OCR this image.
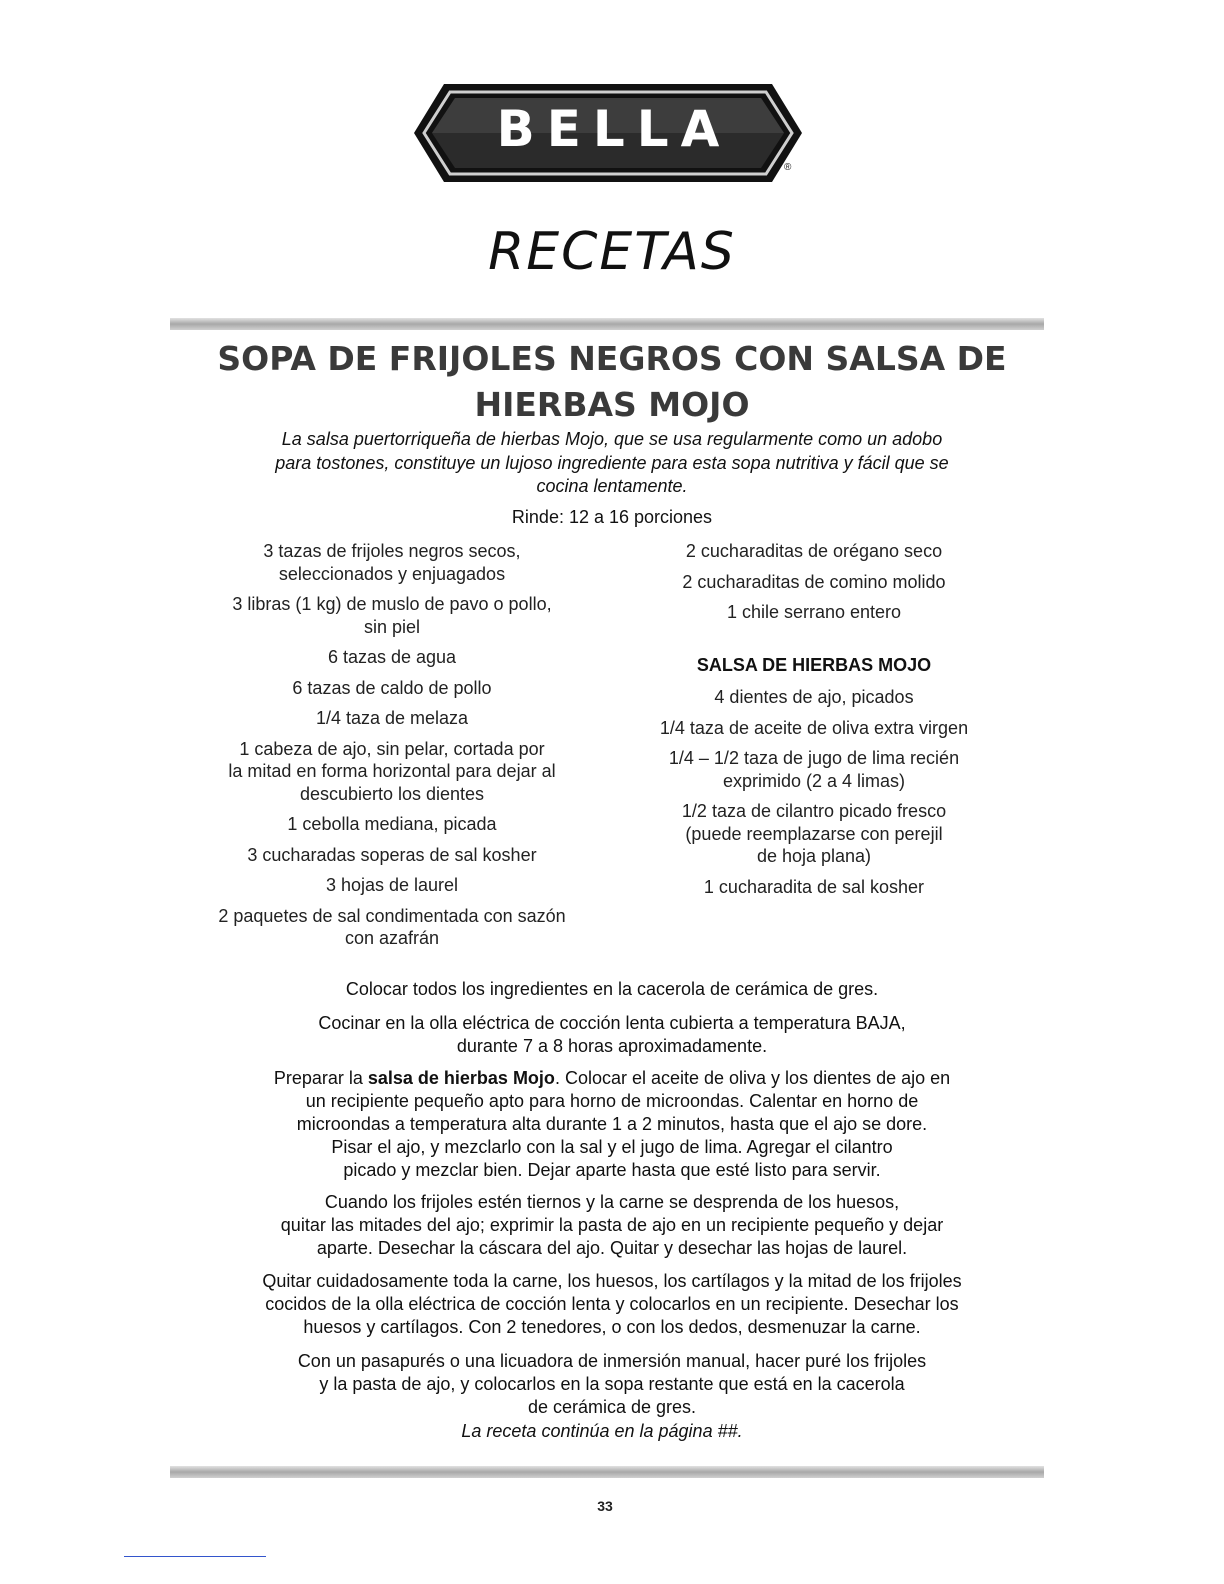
BELLA
®
RECETAS
SOPA DE FRIJOLES NEGROS CON SALSA DE
HIERBAS MOJO
La salsa puertorriqueña de hierbas Mojo, que se usa regularmente como un adobo
para tostones, constituye un lujoso ingrediente para esta sopa nutritiva y fácil que se
cocina lentamente.
Rinde: 12 a 16 porciones
3 tazas de frijoles negros secos,
seleccionados y enjuagados
3 libras (1 kg) de muslo de pavo o pollo,
sin piel
6 tazas de agua
6 tazas de caldo de pollo
1/4 taza de melaza
1 cabeza de ajo, sin pelar, cortada por
la mitad en forma horizontal para dejar al
descubierto los dientes
1 cebolla mediana, picada
3 cucharadas soperas de sal kosher
3 hojas de laurel
2 paquetes de sal condimentada con sazón
con azafrán
2 cucharaditas de orégano seco
2 cucharaditas de comino molido
1 chile serrano entero
SALSA DE HIERBAS MOJO
4 dientes de ajo, picados
1/4 taza de aceite de oliva extra virgen
1/4 – 1/2 taza de jugo de lima recién
exprimido (2 a 4 limas)
1/2 taza de cilantro picado fresco
(puede reemplazarse con perejil
de hoja plana)
1 cucharadita de sal kosher
Colocar todos los ingredientes en la cacerola de cerámica de gres.
Cocinar en la olla eléctrica de cocción lenta cubierta a temperatura BAJA,
durante 7 a 8 horas aproximadamente.
Preparar la salsa de hierbas Mojo. Colocar el aceite de oliva y los dientes de ajo en
un recipiente pequeño apto para horno de microondas. Calentar en horno de
microondas a temperatura alta durante 1 a 2 minutos, hasta que el ajo se dore.
Pisar el ajo, y mezclarlo con la sal y el jugo de lima. Agregar el cilantro
picado y mezclar bien. Dejar aparte hasta que esté listo para servir.
Cuando los frijoles estén tiernos y la carne se desprenda de los huesos,
quitar las mitades del ajo; exprimir la pasta de ajo en un recipiente pequeño y dejar
aparte. Desechar la cáscara del ajo. Quitar y desechar las hojas de laurel.
Quitar cuidadosamente toda la carne, los huesos, los cartílagos y la mitad de los frijoles
cocidos de la olla eléctrica de cocción lenta y colocarlos en un recipiente. Desechar los
huesos y cartílagos. Con 2 tenedores, o con los dedos, desmenuzar la carne.
Con un pasapurés o una licuadora de inmersión manual, hacer puré los frijoles
y la pasta de ajo, y colocarlos en la sopa restante que está en la cacerola
de cerámica de gres.
La receta continúa en la página ##.
33
